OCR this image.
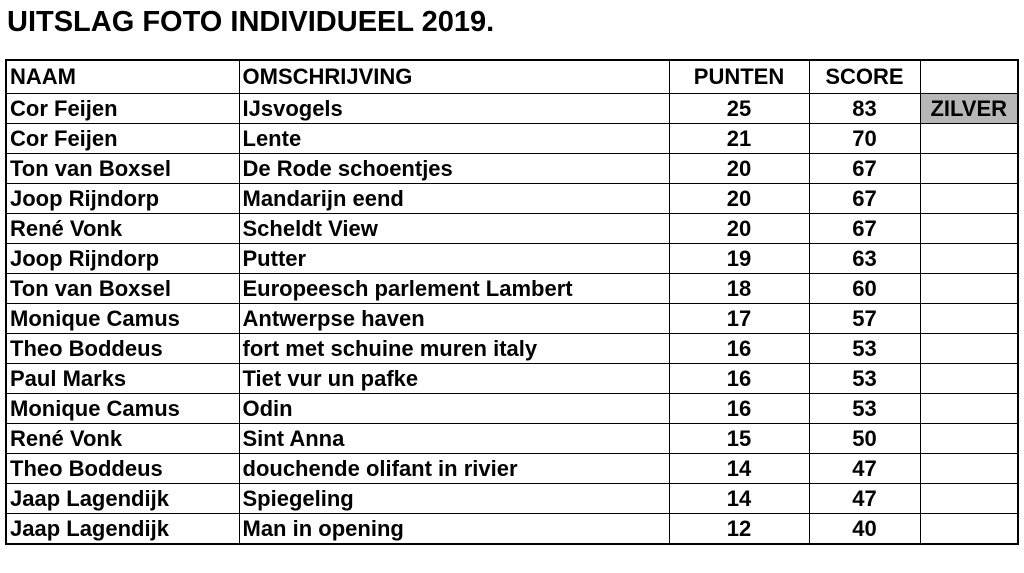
UITSLAG FOTO INDIVIDUEEL 2019.
NAAM	OMSCHRIJVING	PUNTEN	SCORE	
Cor Feijen	IJsvogels	25	83	ZILVER
Cor Feijen	Lente	21	70	
Ton van Boxsel	De Rode schoentjes	20	67	
Joop Rijndorp	Mandarijn eend	20	67	
René Vonk	Scheldt View	20	67	
Joop Rijndorp	Putter	19	63	
Ton van Boxsel	Europeesch parlement Lambert	18	60	
Monique Camus	Antwerpse haven	17	57	
Theo Boddeus	fort met schuine muren italy	16	53	
Paul Marks	Tiet vur un pafke	16	53	
Monique Camus	Odin	16	53	
René Vonk	Sint Anna	15	50	
Theo Boddeus	douchende olifant in rivier	14	47	
Jaap Lagendijk	Spiegeling	14	47	
Jaap Lagendijk	Man in opening	12	40	
